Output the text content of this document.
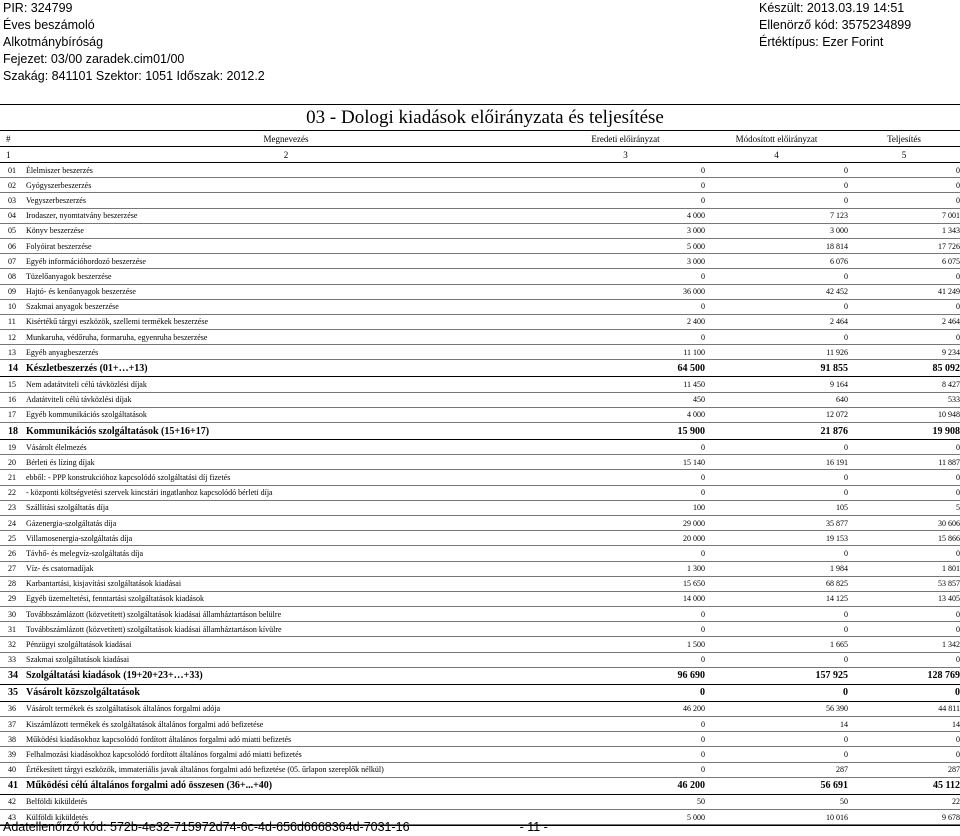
PIR: 324799
Éves beszámoló
Alkotmánybíróság
Fejezet: 03/00 zaradek.cim01/00
Szakág: 841101 Szektor: 1051 Időszak: 2012.2
Készült: 2013.03.19 14:51
Ellenörző kód: 3575234899
Értéktípus: Ezer Forint
03 - Dologi kiadások előirányzata és teljesítése
#	Megnevezés	Eredeti előirányzat	Módosított előirányzat	Teljesítés
1	2	3	4	5
01	Élelmiszer beszerzés	0	0	0
02	Gyógyszerbeszerzés	0	0	0
03	Vegyszerbeszerzés	0	0	0
04	Irodaszer, nyomtatvány beszerzése	4 000	7 123	7 001
05	Könyv beszerzése	3 000	3 000	1 343
06	Folyóirat beszerzése	5 000	18 814	17 726
07	Egyéb információhordozó beszerzése	3 000	6 076	6 075
08	Tüzelőanyagok beszerzése	0	0	0
09	Hajtó- és kenőanyagok beszerzése	36 000	42 452	41 249
10	Szakmai anyagok beszerzése	0	0	0
11	Kisértékű tárgyi eszközök, szellemi termékek beszerzése	2 400	2 464	2 464
12	Munkaruha, védőruha, formaruha, egyenruha beszerzése	0	0	0
13	Egyéb anyagbeszerzés	11 100	11 926	9 234
14	Készletbeszerzés (01+…+13)	64 500	91 855	85 092
15	Nem adatátviteli célú távközlési díjak	11 450	9 164	8 427
16	Adatátviteli célú távközlési díjak	450	640	533
17	Egyéb kommunikációs szolgáltatások	4 000	12 072	10 948
18	Kommunikációs szolgáltatások (15+16+17)	15 900	21 876	19 908
19	Vásárolt élelmezés	0	0	0
20	Bérleti és lízing díjak	15 140	16 191	11 887
21	ebből: - PPP konstrukcióhoz kapcsolódó szolgáltatási díj fizetés	0	0	0
22	- központi költségvetési szervek kincstári ingatlanhoz kapcsolódó bérleti díja	0	0	0
23	Szállítási szolgáltatás díja	100	105	5
24	Gázenergia-szolgáltatás díja	29 000	35 877	30 606
25	Villamosenergia-szolgáltatás díja	20 000	19 153	15 866
26	Távhő- és melegvíz-szolgáltatás díja	0	0	0
27	Víz- és csatornadíjak	1 300	1 984	1 801
28	Karbantartási, kisjavítási szolgáltatások kiadásai	15 650	68 825	53 857
29	Egyéb üzemeltetési, fenntartási szolgáltatások kiadások	14 000	14 125	13 405
30	Továbbszámlázott (közvetített) szolgáltatások kiadásai államháztartáson belülre	0	0	0
31	Továbbszámlázott (közvetített) szolgáltatások kiadásai államháztartáson kívülre	0	0	0
32	Pénzügyi szolgáltatások kiadásai	1 500	1 665	1 342
33	Szakmai szolgáltatások kiadásai	0	0	0
34	Szolgáltatási kiadások (19+20+23+…+33)	96 690	157 925	128 769
35	Vásárolt közszolgáltatások	0	0	0
36	Vásárolt termékek és szolgáltatások általános forgalmi adója	46 200	56 390	44 811
37	Kiszámlázott termékek és szolgáltatások általános forgalmi adó befizetése	0	14	14
38	Működési kiadásokhoz kapcsolódó fordított általános forgalmi adó miatti befizetés	0	0	0
39	Felhalmozási kiadásokhoz kapcsolódó fordított általános forgalmi adó miatti befizetés	0	0	0
40	Értékesített tárgyi eszközök, immateriális javak általános forgalmi adó befizetése (05. űrlapon szereplők nélkül)	0	287	287
41	Működési célú általános forgalmi adó összesen (36+...+40)	46 200	56 691	45 112
42	Belföldi kiküldetés	50	50	22
43	Külföldi kiküldetés	5 000	10 016	9 678
Adatellenőrző kód: 572b-4e32-715972d74-6c-4d-656d6668364d-7031-16	- 11 -
